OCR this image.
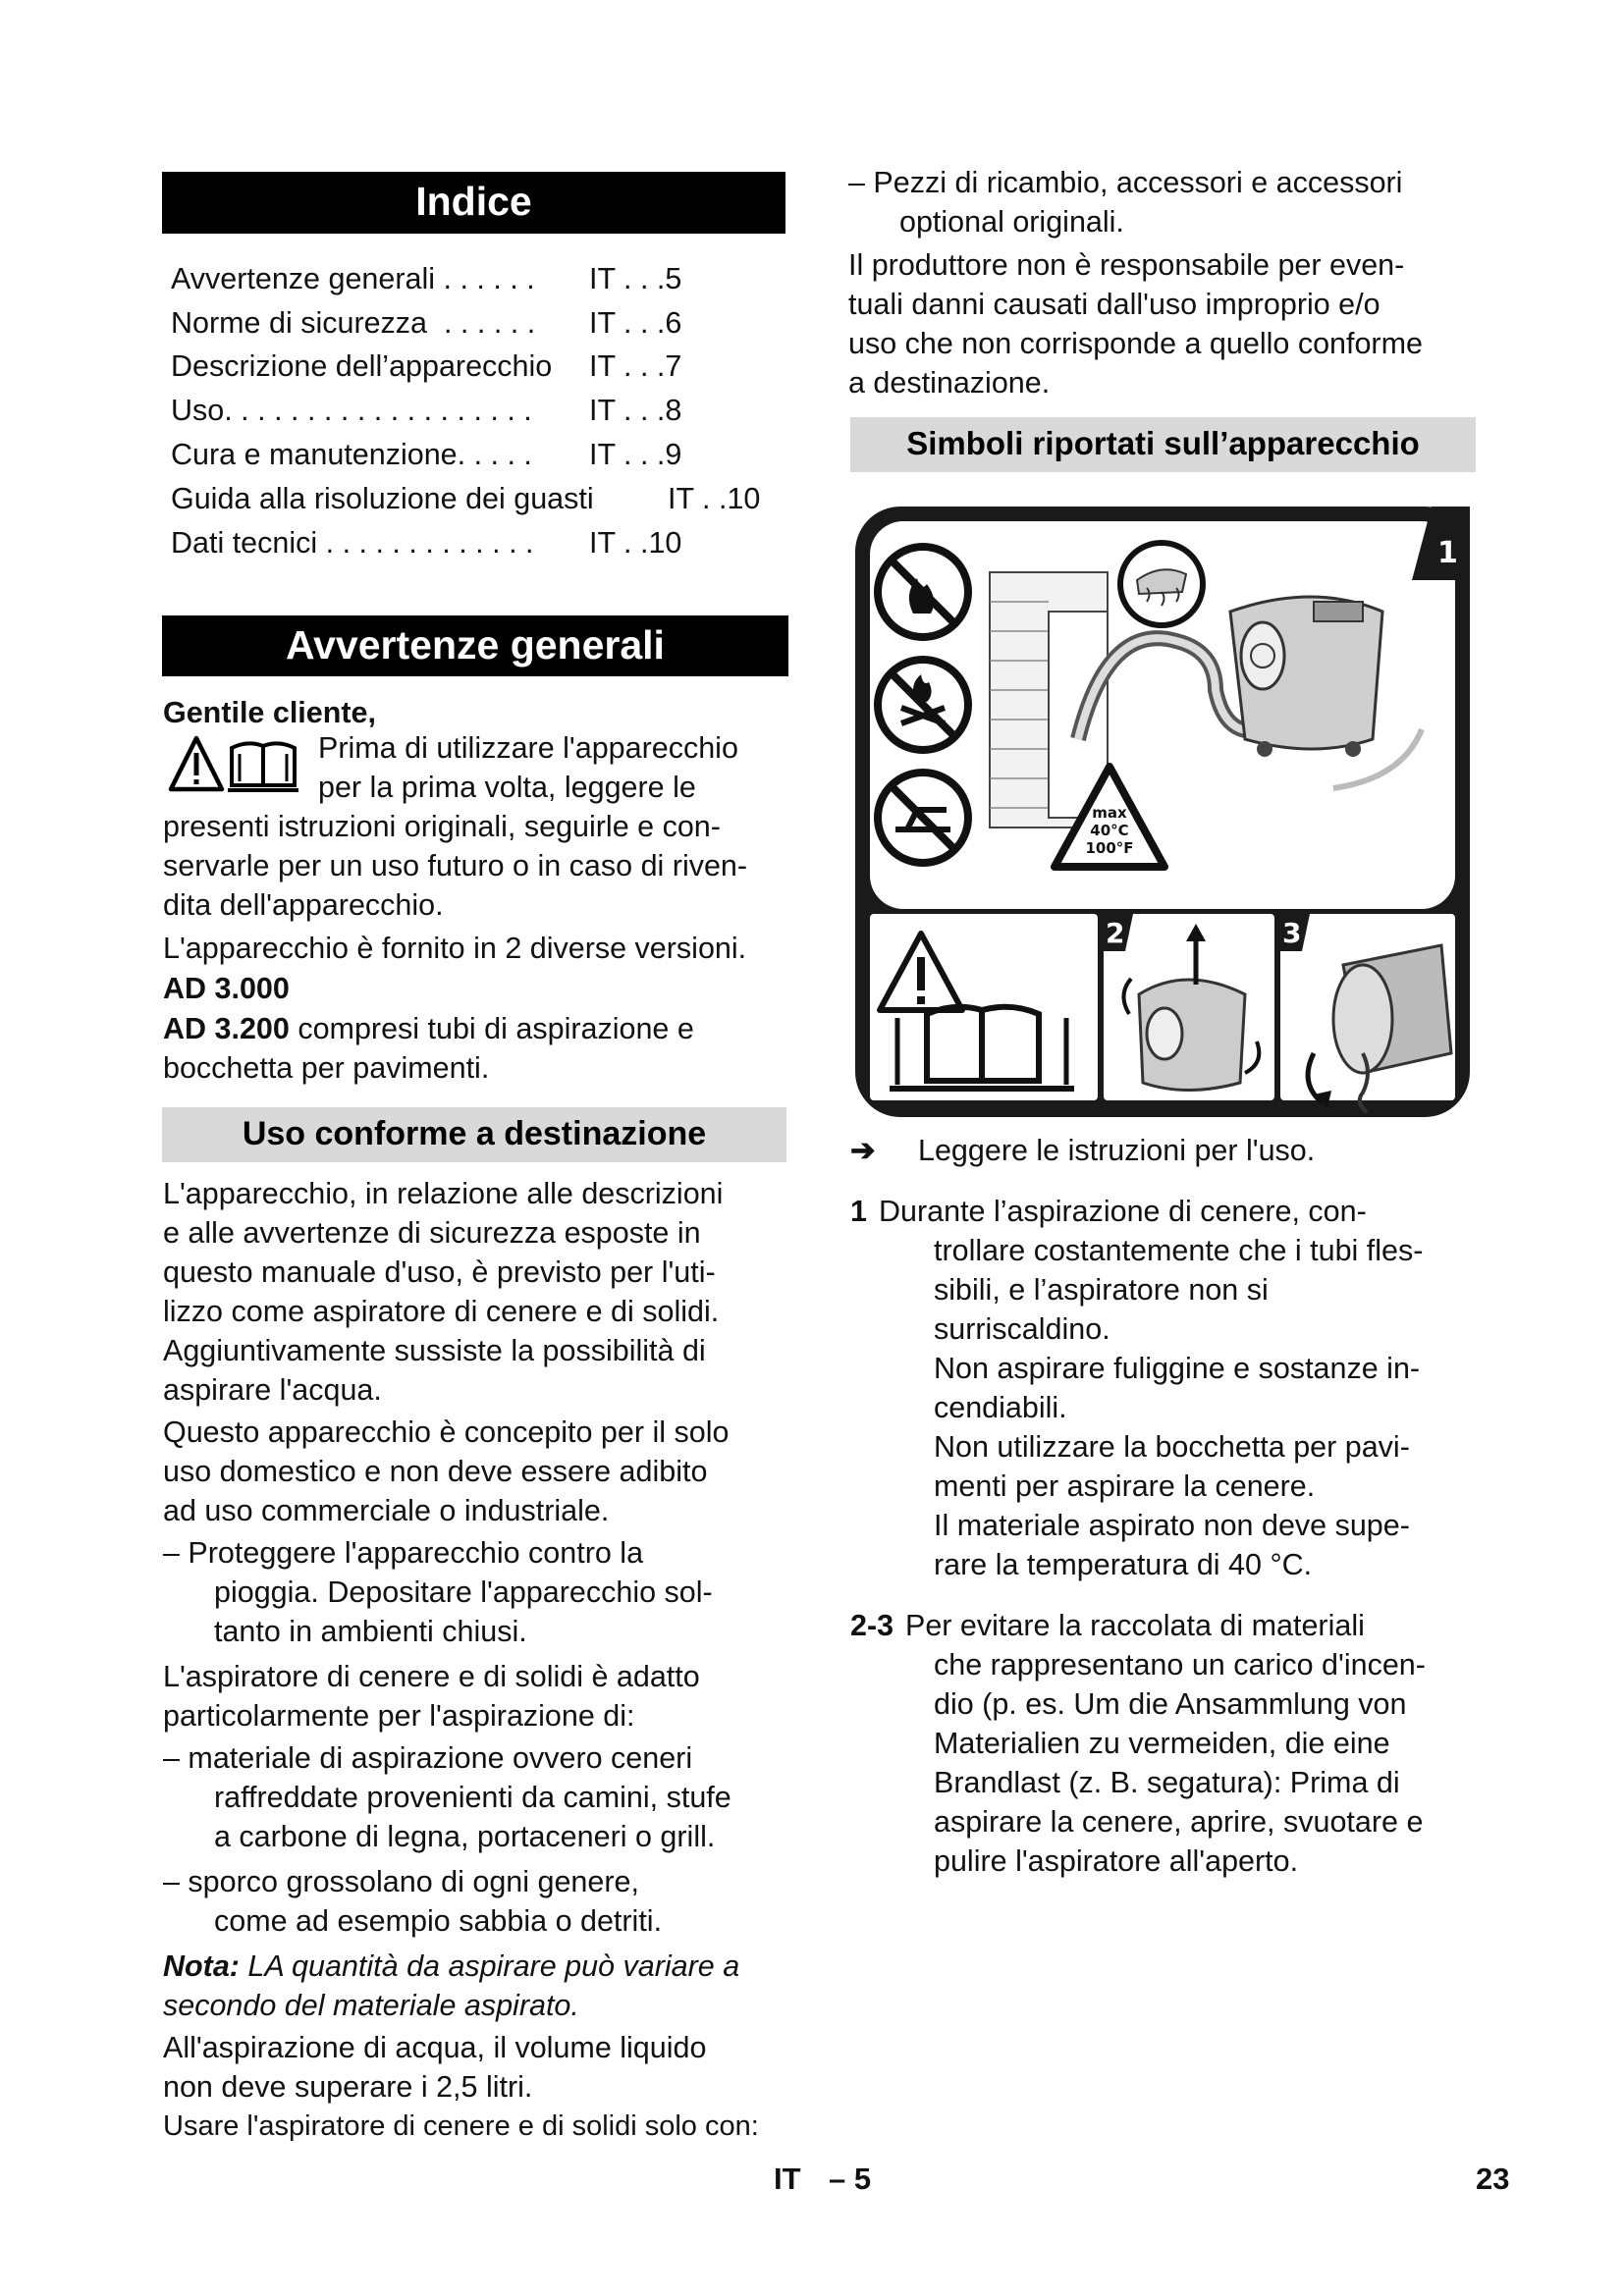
Indice
Avvertenze generali . . . . . . IT . . .5
Norme di sicurezza  . . . . . . IT . . .6
Descrizione dell’apparecchio IT . . .7
Uso. . . . . . . . . . . . . . . . . . . IT . . .8
Cura e manutenzione. . . . . IT . . .9
Guida alla risoluzione dei guasti IT . .10
Dati tecnici . . . . . . . . . . . . . IT . .10
Avvertenze generali
Gentile cliente,
Prima di utilizzare l'apparecchio
per la prima volta, leggere le
presenti istruzioni originali, seguirle e con-
servarle per un uso futuro o in caso di riven-
dita dell'apparecchio.
L'apparecchio è fornito in 2 diverse versioni.
AD 3.000
AD 3.200 compresi tubi di aspirazione e
bocchetta per pavimenti.
Uso conforme a destinazione

L'apparecchio, in relazione alle descrizioni

e alle avvertenze di sicurezza esposte in

questo manuale d'uso, è previsto per l'uti-

lizzo come aspiratore di cenere e di solidi.

Aggiuntivamente sussiste la possibilità di

aspirare l'acqua.

Questo apparecchio è concepito per il solo

uso domestico e non deve essere adibito

ad uso commerciale o industriale.

– Proteggere l'apparecchio contro la

pioggia. Depositare l'apparecchio sol-

tanto in ambienti chiusi.

L'aspiratore di cenere e di solidi è adatto

particolarmente per l'aspirazione di:

– materiale di aspirazione ovvero ceneri

raffreddate provenienti da camini, stufe

a carbone di legna, portaceneri o grill.

– sporco grossolano di ogni genere,

come ad esempio sabbia o detriti.

Nota: LA quantità da aspirare può variare a

secondo del materiale aspirato.

All'aspirazione di acqua, il volume liquido

non deve superare i 2,5 litri.

Usare l'aspiratore di cenere e di solidi solo con:

– Pezzi di ricambio, accessori e accessori

optional originali.

Il produttore non è responsabile per even-

tuali danni causati dall'uso improprio e/o

uso che non corrisponde a quello conforme

a destinazione.

Simboli riportati sull’apparecchio
1
2	3
max
40°C
100°F
➔ Leggere le istruzioni per l'uso.
1 Durante l’aspirazione di cenere, con-

trollare costantemente che i tubi fles-

sibili, e l’aspiratore non si

surriscaldino.

Non aspirare fuliggine e sostanze in-

cendiabili.

Non utilizzare la bocchetta per pavi-

menti per aspirare la cenere.

Il materiale aspirato non deve supe-

rare la temperatura di 40 °C.

2-3 Per evitare la raccolata di materiali

che rappresentano un carico d'incen-

dio (p. es. Um die Ansammlung von

Materialien zu vermeiden, die eine

Brandlast (z. B. segatura): Prima di

aspirare la cenere, aprire, svuotare e

pulire l'aspiratore all'aperto.

IT – 5	23
